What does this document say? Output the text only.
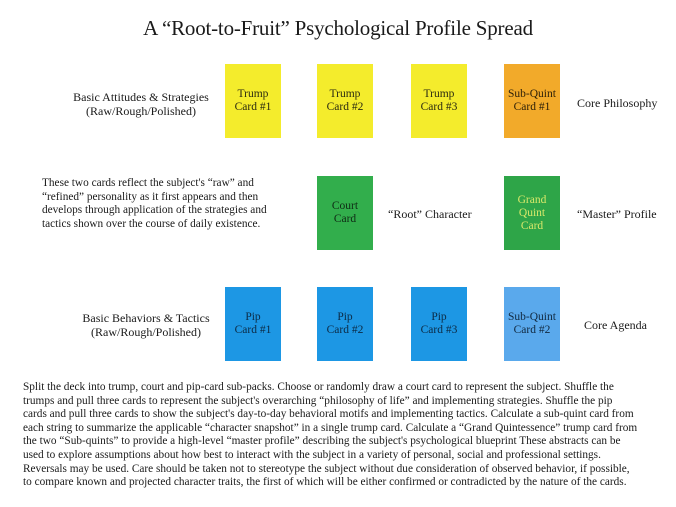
A “Root-to-Fruit” Psychological Profile Spread
Basic Attitudes & Strategies
(Raw/Rough/Polished)
Trump
Card #1
Trump
Card #2
Trump
Card #3
Sub-Quint
Card #1	Core Philosophy
These two cards reflect the subject's “raw” and
“refined” personality as it first appears and then
develops through application of the strategies and
tactics shown over the course of daily existence.
Court
Card	“Root” Character
Grand
Quint
Card
“Master” Profile
Basic Behaviors & Tactics
(Raw/Rough/Polished)
Pip
Card #1
Pip
Card #2
Pip
Card #3
Sub-Quint
Card #2	Core Agenda
Split the deck into trump, court and pip-card sub-packs. Choose or randomly draw a court card to represent the subject. Shuffle the
trumps and pull three cards to represent the subject's overarching “philosophy of life” and implementing strategies. Shuffle the pip
cards and pull three cards to show the subject's day-to-day behavioral motifs and implementing tactics. Calculate a sub-quint card from
each string to summarize the applicable “character snapshot” in a single trump card. Calculate a “Grand Quintessence” trump card from
the two “Sub-quints” to provide a high-level “master profile” describing the subject's psychological blueprint These abstracts can be
used to explore assumptions about how best to interact with the subject in a variety of personal, social and professional settings.
Reversals may be used. Care should be taken not to stereotype the subject without due consideration of observed behavior, if possible,
to compare known and projected character traits, the first of which will be either confirmed or contradicted by the nature of the cards.
